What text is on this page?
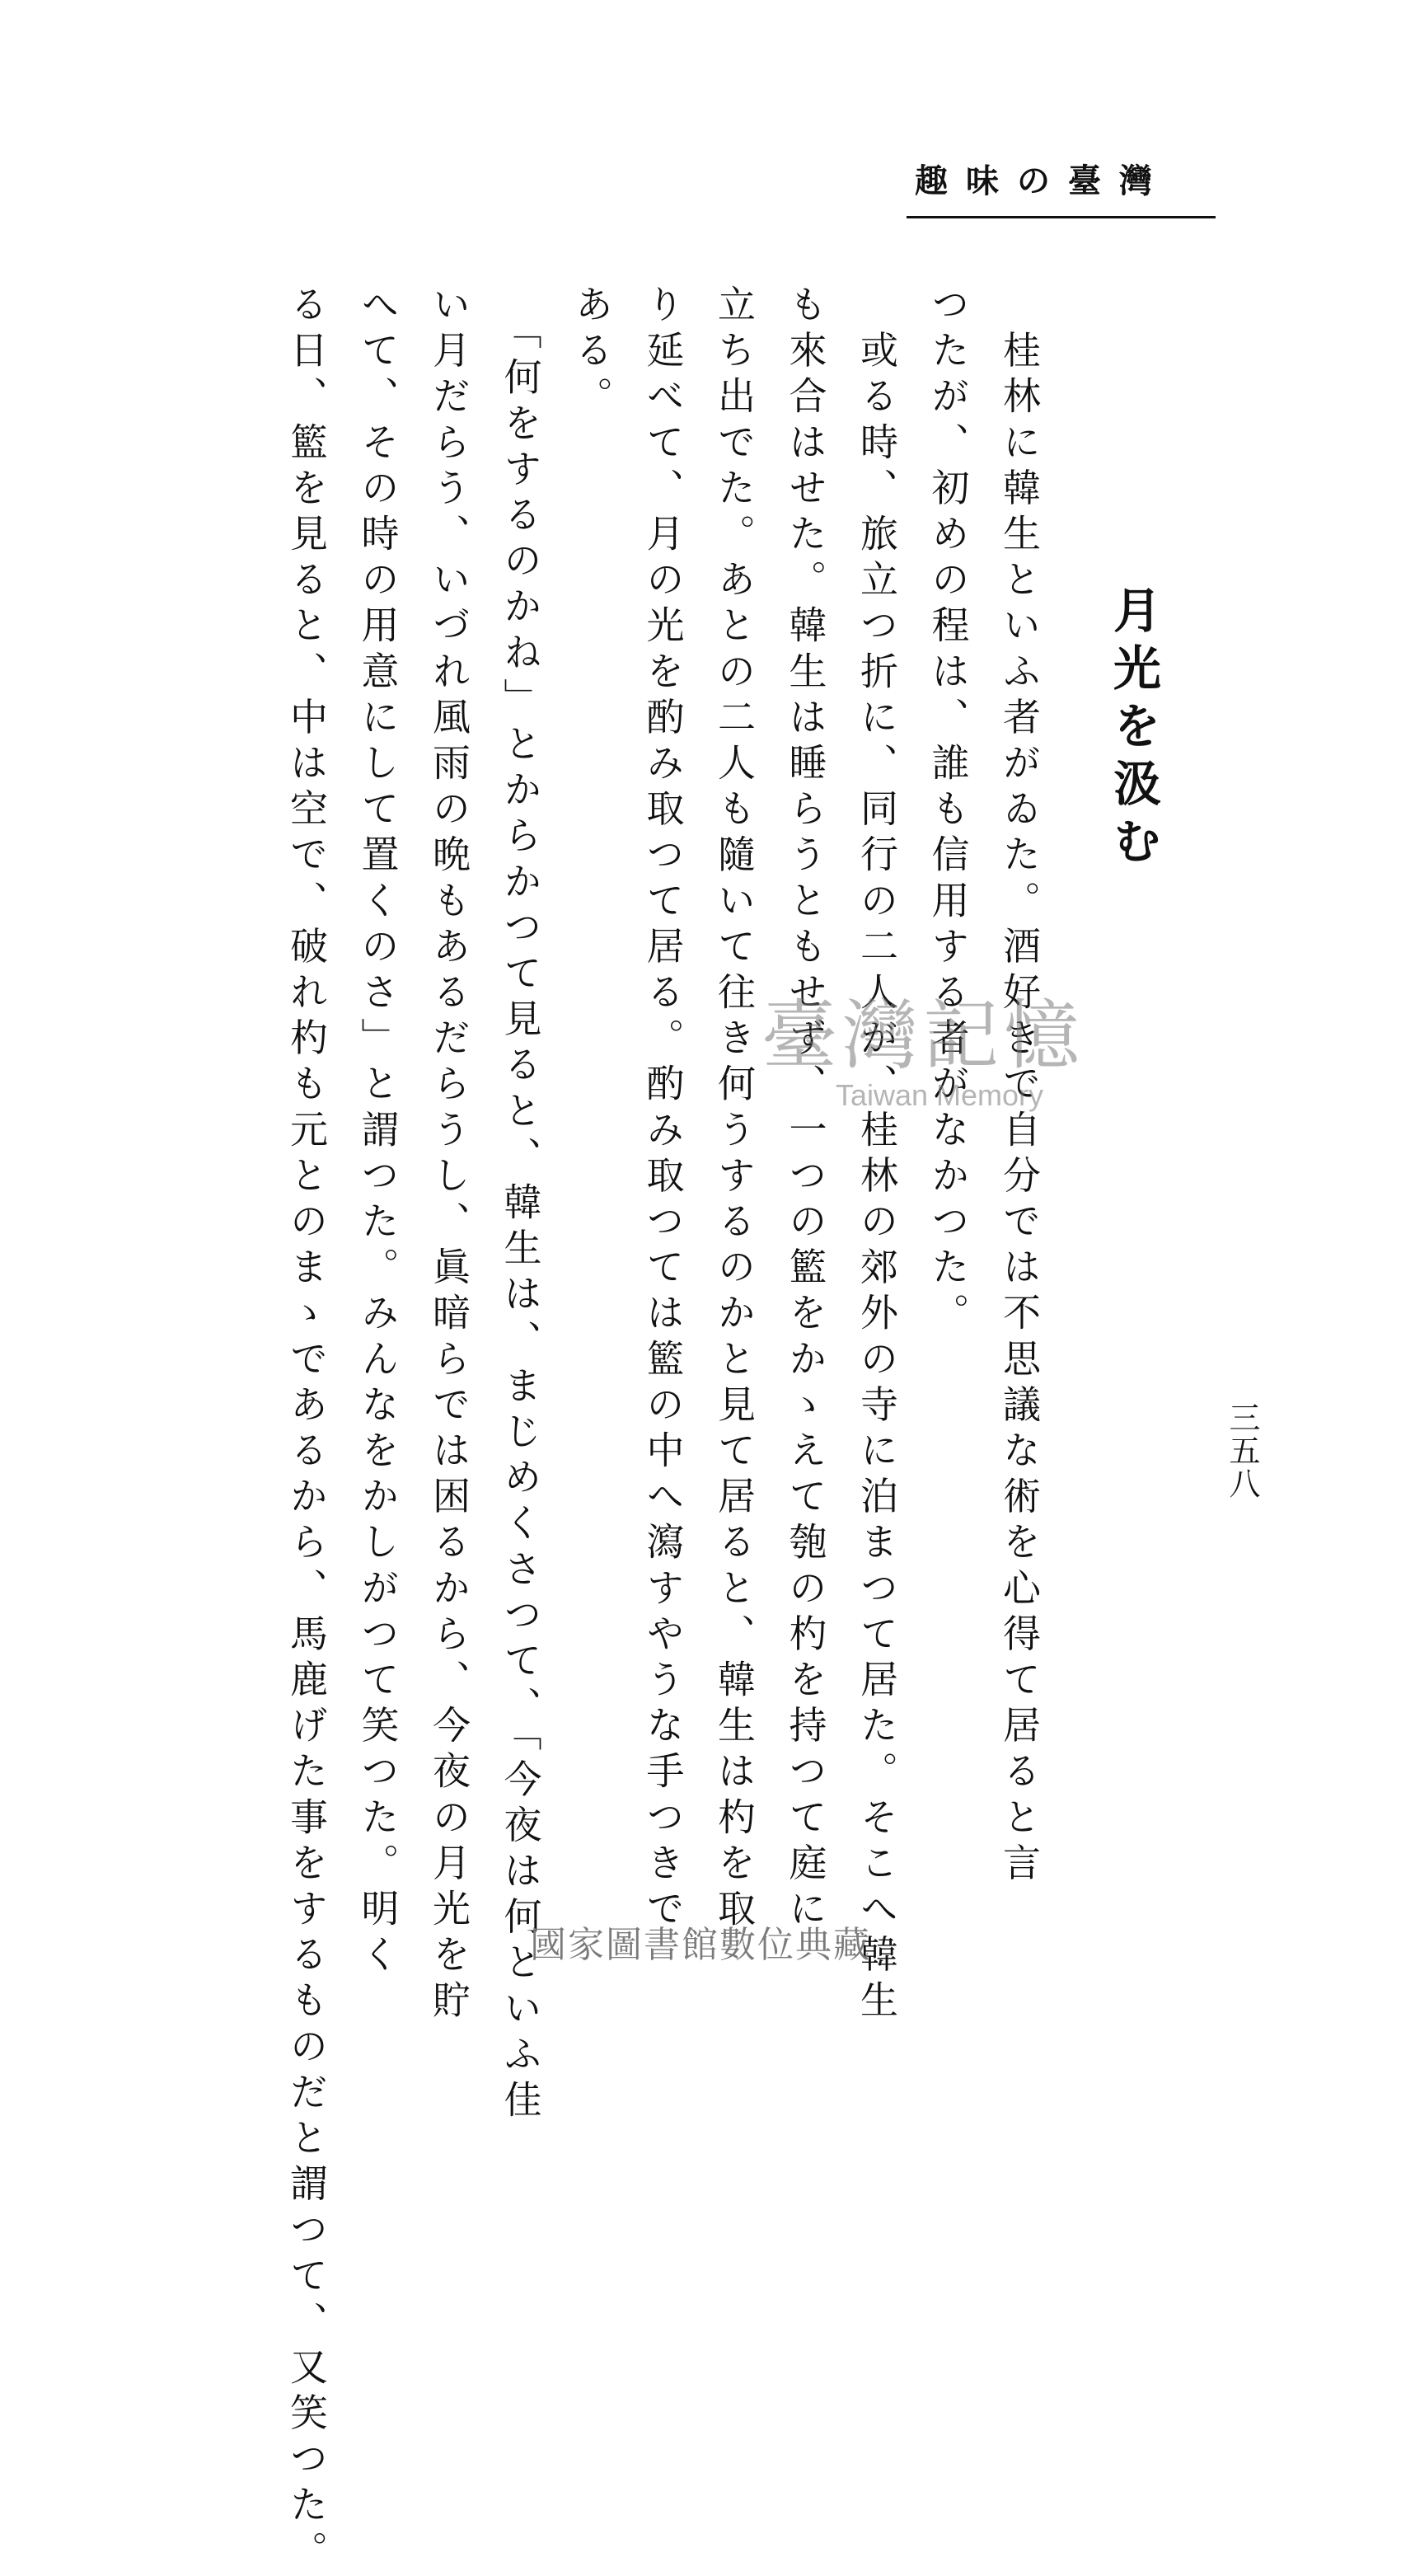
趣味の臺灣
三五八
月光を汲む

桂林に韓生といふ者がゐた。酒好きで自分では不思議な術を心得て居ると言
つたが、初めの程は、誰も信用する者がなかつた。

或る時、旅立つ折に、同行の二人が、桂林の郊外の寺に泊まつて居た。そこへ韓生
も來合はせた。韓生は睡らうともせず、一つの籃をかゝえて匏の杓を持つて庭に
立ち出でた。あとの二人も隨いて往き何うするのかと見て居ると、韓生は杓を取
り延べて、月の光を酌み取つて居る。酌み取つては籃の中へ瀉すやうな手つきで
ある。

「何をするのかね」とからかつて見ると、韓生は、まじめくさつて、「今夜は何といふ佳
い月だらう、いづれ風雨の晩もあるだらうし、眞暗らでは困るから、今夜の月光を貯
へて、その時の用意にして置くのさ」と謂つた。みんなをかしがつて笑つた。明く
る日、籃を見ると、中は空で、破れ杓も元とのまゝであるから、馬鹿げた事をするものだと謂つて、又笑つた。	臺灣記憶
Taiwan Memory
國家圖書館數位典藏
